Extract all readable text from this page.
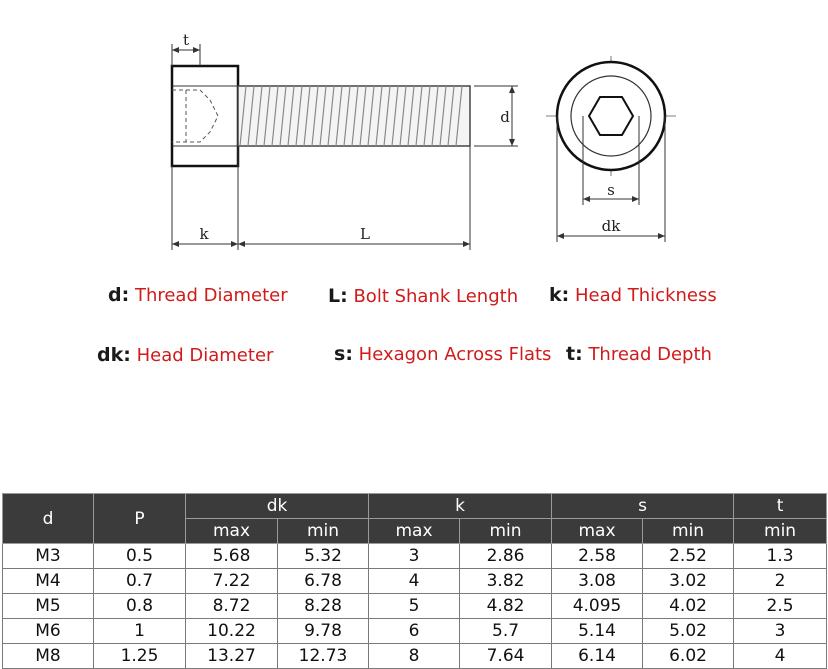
t
d
k	L
s
dk
d: Thread Diameter L: Bolt Shank Length k: Head Thickness
dk: Head Diameter	s: Hexagon Across Flats t: Thread Depth
d	P	dk		k		s		t
		max	min	max	min	max	min	min
M3	0.5	5.68	5.32	3	2.86	2.58	2.52	1.3
M4	0.7	7.22	6.78	4	3.82	3.08	3.02	2
M5	0.8	8.72	8.28	5	4.82	4.095	4.02	2.5
M6	1	10.22	9.78	6	5.7	5.14	5.02	3
M8	1.25	13.27	12.73	8	7.64	6.14	6.02	4
